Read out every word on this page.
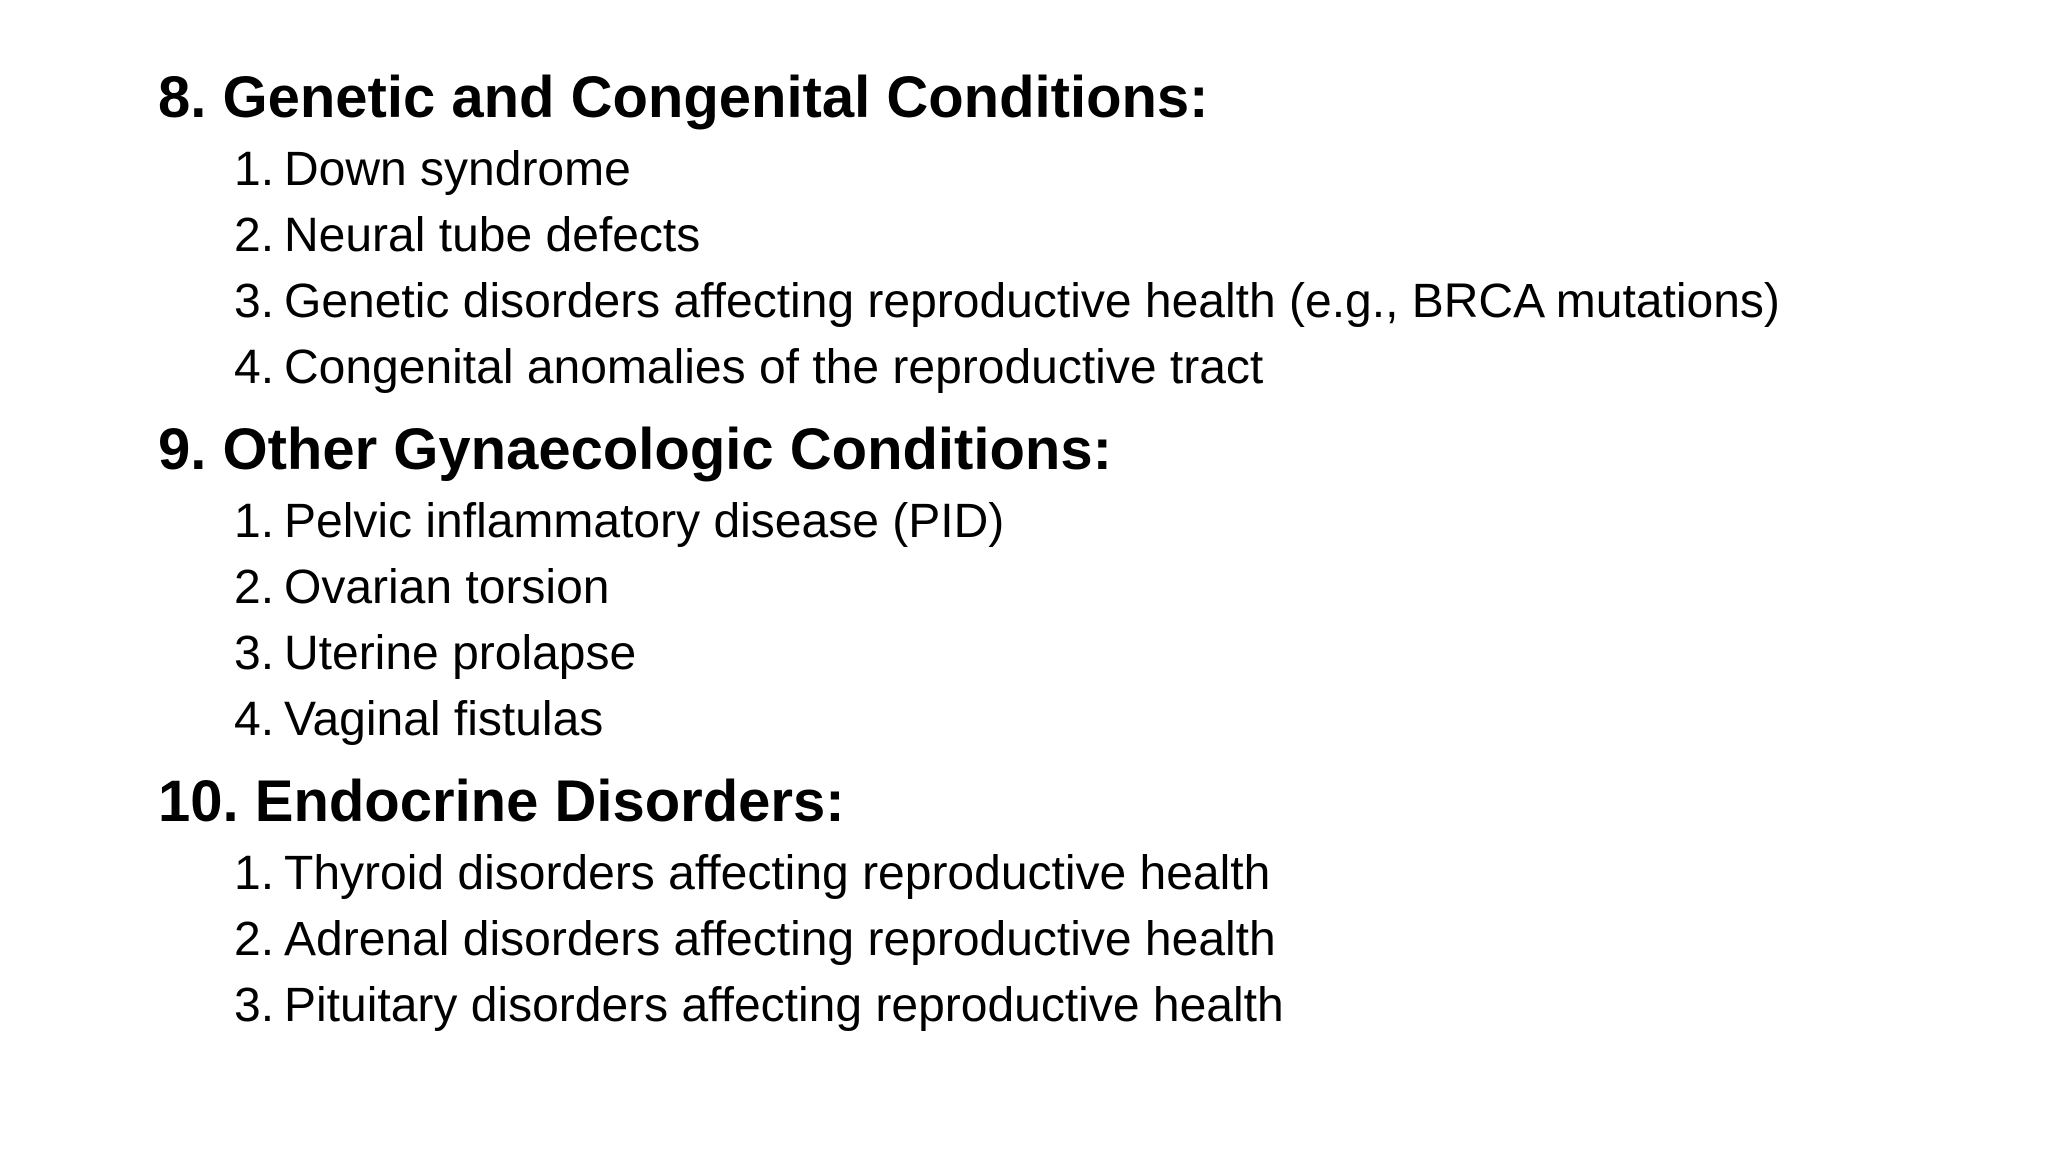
8. Genetic and Congenital Conditions:
1. Down syndrome
2. Neural tube defects
3. Genetic disorders affecting reproductive health (e.g., BRCA mutations)
4. Congenital anomalies of the reproductive tract
9. Other Gynaecologic Conditions:
1. Pelvic inflammatory disease (PID)
2. Ovarian torsion
3. Uterine prolapse
4. Vaginal fistulas
10. Endocrine Disorders:
1. Thyroid disorders affecting reproductive health
2. Adrenal disorders affecting reproductive health
3. Pituitary disorders affecting reproductive health
